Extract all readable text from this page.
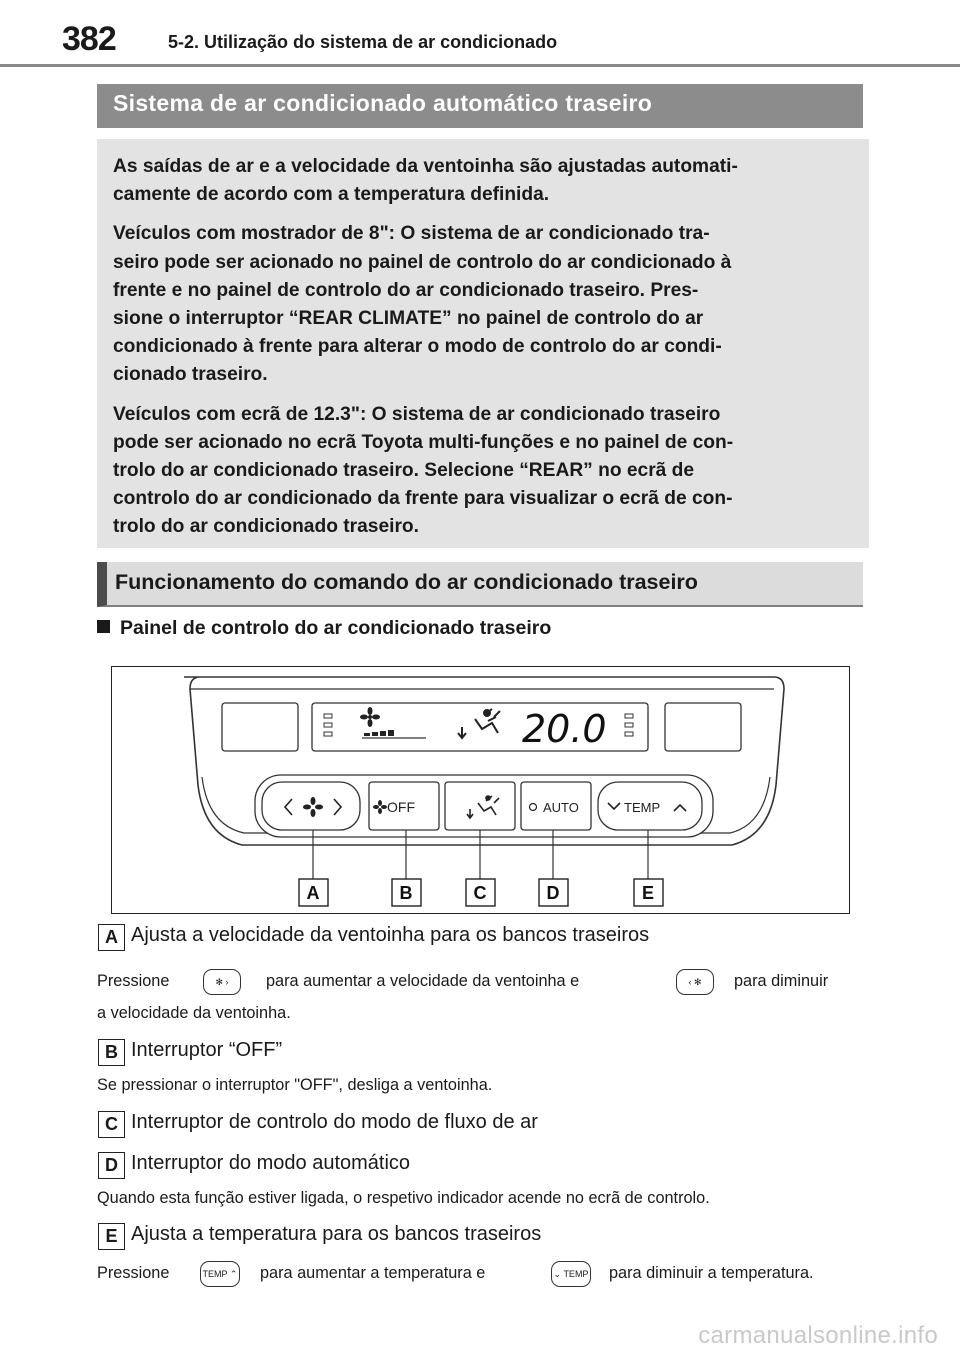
382	5-2. Utilização do sistema de ar condicionado
Sistema de ar condicionado automático traseiro

As saídas de ar e a velocidade da ventoinha são ajustadas automati-
camente de acordo com a temperatura definida.

Veículos com mostrador de 8": O sistema de ar condicionado tra-
seiro pode ser acionado no painel de controlo do ar condicionado à
frente e no painel de controlo do ar condicionado traseiro. Pres-
sione o interruptor “REAR CLIMATE” no painel de controlo do ar
condicionado à frente para alterar o modo de controlo do ar condi-
cionado traseiro.

Veículos com ecrã de 12.3": O sistema de ar condicionado traseiro
pode ser acionado no ecrã Toyota multi-funções e no painel de con-
trolo do ar condicionado traseiro. Selecione “REAR” no ecrã de
controlo do ar condicionado da frente para visualizar o ecrã de con-
trolo do ar condicionado traseiro.

Funcionamento do comando do ar condicionado traseiro
Painel de controlo do ar condicionado traseiro
20.0
OFF	AUTO	TEMP
A	B	C	D	E
A Ajusta a velocidade da ventoinha para os bancos traseiros
Pressione	✻ ›	para aumentar a velocidade da ventoinha e	‹ ✻	para diminuir
a velocidade da ventoinha.
B Interruptor “OFF”
Se pressionar o interruptor "OFF", desliga a ventoinha.
C Interruptor de controlo do modo de fluxo de ar
D Interruptor do modo automático
Quando esta função estiver ligada, o respetivo indicador acende no ecrã de controlo.
E Ajusta a temperatura para os bancos traseiros
Pressione	TEMP ⌃ para aumentar a temperatura e	⌄ TEMP para diminuir a temperatura.
carmanualsonline.info
